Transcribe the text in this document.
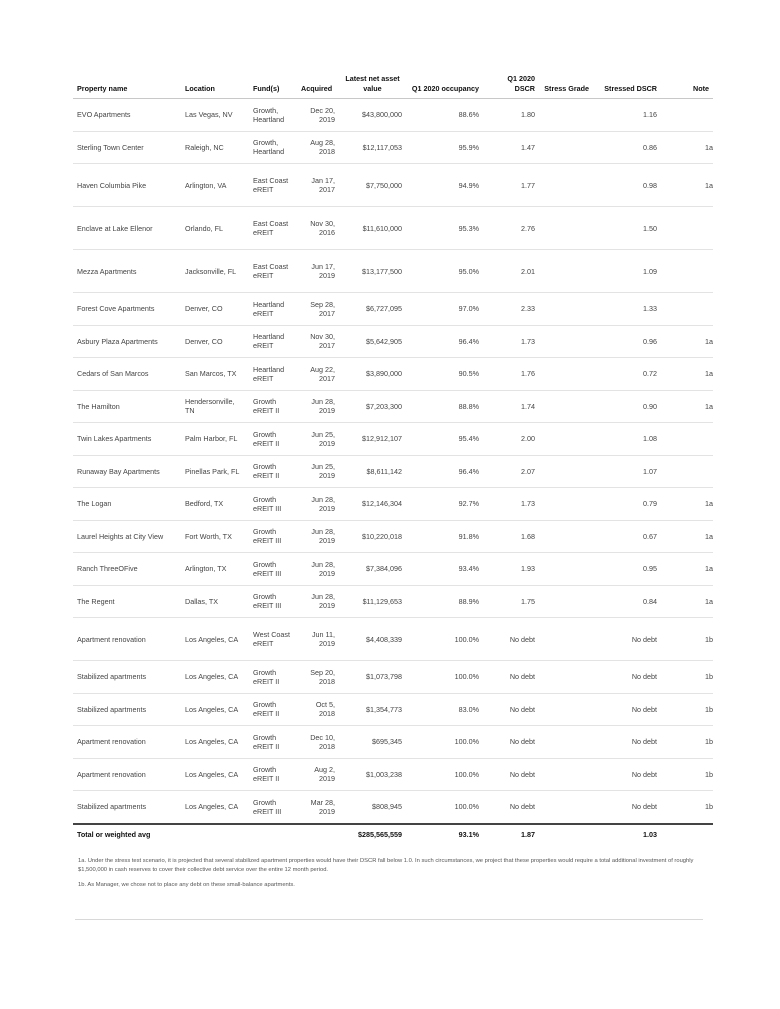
Property name	Location	Fund(s)	Acquired	Latest net asset value	Q1 2020 occupancy	Q1 2020 DSCR	Stress Grade	Stressed DSCR	Note
EVO Apartments	Las Vegas, NV	Growth, Heartland	Dec 20, 2019	$43,800,000	88.6%	1.80		1.16	
Sterling Town Center	Raleigh, NC	Growth, Heartland	Aug 28, 2018	$12,117,053	95.9%	1.47		0.86	1a
Haven Columbia Pike	Arlington, VA	East Coast eREIT	Jan 17, 2017	$7,750,000	94.9%	1.77		0.98	1a
Enclave at Lake Ellenor	Orlando, FL	East Coast eREIT	Nov 30, 2016	$11,610,000	95.3%	2.76		1.50	
Mezza Apartments	Jacksonville, FL	East Coast eREIT	Jun 17, 2019	$13,177,500	95.0%	2.01		1.09	
Forest Cove Apartments	Denver, CO	Heartland eREIT	Sep 28, 2017	$6,727,095	97.0%	2.33		1.33	
Asbury Plaza Apartments	Denver, CO	Heartland eREIT	Nov 30, 2017	$5,642,905	96.4%	1.73		0.96	1a
Cedars of San Marcos	San Marcos, TX	Heartland eREIT	Aug 22, 2017	$3,890,000	90.5%	1.76		0.72	1a
The Hamilton	Hendersonville, TN	Growth eREIT II	Jun 28, 2019	$7,203,300	88.8%	1.74		0.90	1a
Twin Lakes Apartments	Palm Harbor, FL	Growth eREIT II	Jun 25, 2019	$12,912,107	95.4%	2.00		1.08	
Runaway Bay Apartments	Pinellas Park, FL	Growth eREIT II	Jun 25, 2019	$8,611,142	96.4%	2.07		1.07	
The Logan	Bedford, TX	Growth eREIT III	Jun 28, 2019	$12,146,304	92.7%	1.73		0.79	1a
Laurel Heights at City View	Fort Worth, TX	Growth eREIT III	Jun 28, 2019	$10,220,018	91.8%	1.68		0.67	1a
Ranch ThreeOFive	Arlington, TX	Growth eREIT III	Jun 28, 2019	$7,384,096	93.4%	1.93		0.95	1a
The Regent	Dallas, TX	Growth eREIT III	Jun 28, 2019	$11,129,653	88.9%	1.75		0.84	1a
Apartment renovation	Los Angeles, CA	West Coast eREIT	Jun 11, 2019	$4,408,339	100.0%	No debt		No debt	1b
Stabilized apartments	Los Angeles, CA	Growth eREIT II	Sep 20, 2018	$1,073,798	100.0%	No debt		No debt	1b
Stabilized apartments	Los Angeles, CA	Growth eREIT II	Oct 5, 2018	$1,354,773	83.0%	No debt		No debt	1b
Apartment renovation	Los Angeles, CA	Growth eREIT II	Dec 10, 2018	$695,345	100.0%	No debt		No debt	1b
Apartment renovation	Los Angeles, CA	Growth eREIT II	Aug 2, 2019	$1,003,238	100.0%	No debt		No debt	1b
Stabilized apartments	Los Angeles, CA	Growth eREIT III	Mar 28, 2019	$808,945	100.0%	No debt		No debt	1b
Total or weighted avg				$285,565,559	93.1%	1.87		1.03	

1a. Under the stress test scenario, it is projected that several stabilized apartment properties would have their DSCR fall below 1.0. In such circumstances, we project that these properties would require a total additional investment of roughly $1,500,000 in cash reserves to cover their collective debt service over the entire 12 month period.

1b. As Manager, we chose not to place any debt on these small-balance apartments.
